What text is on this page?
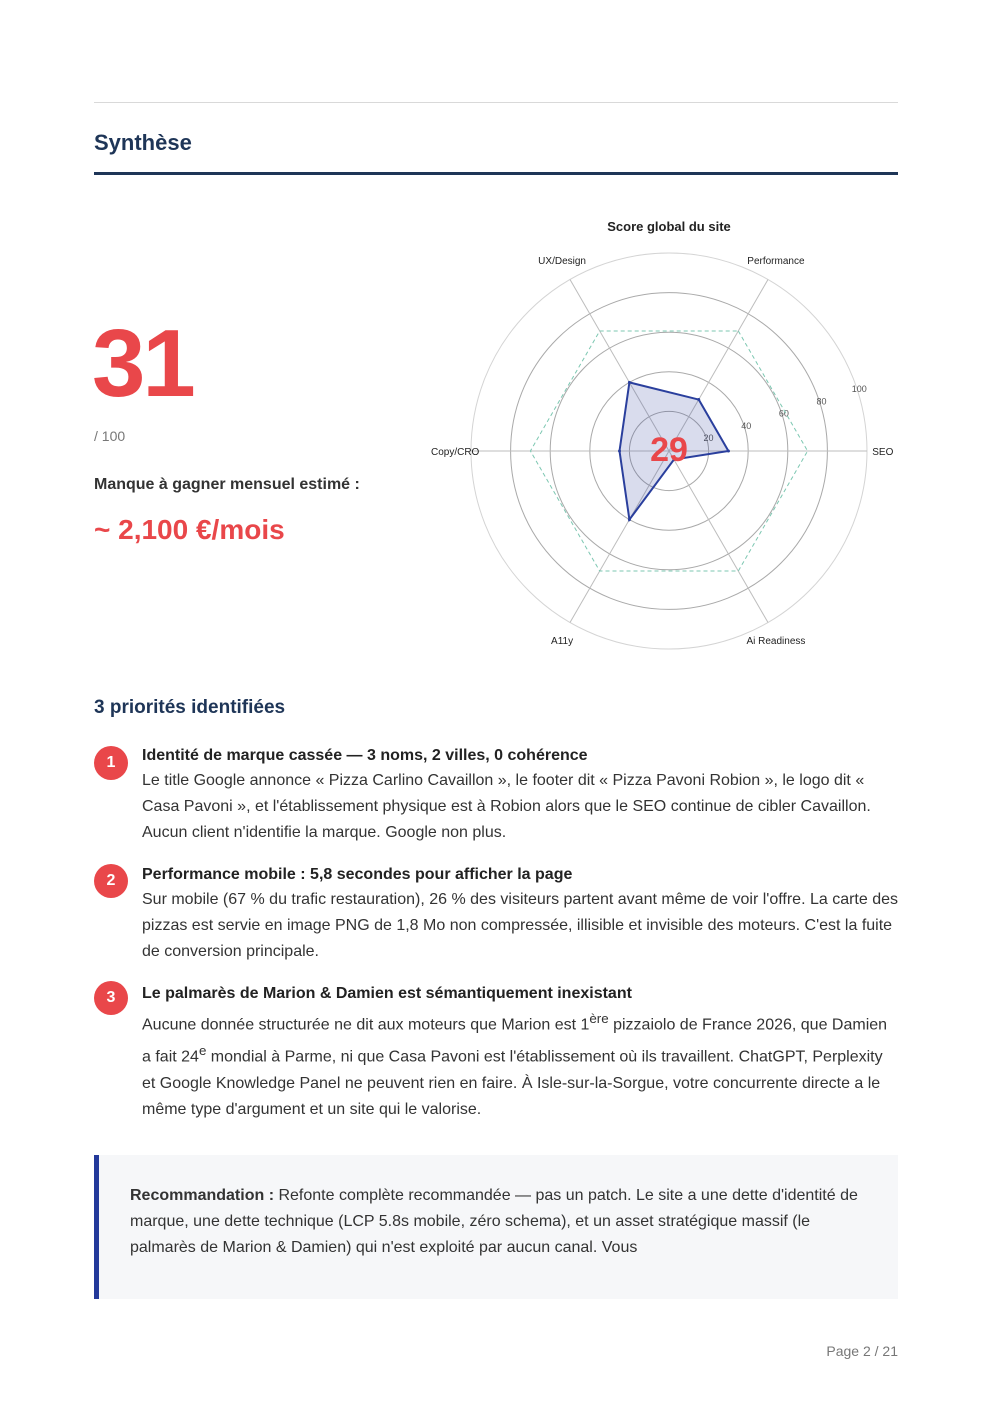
Synthèse
31
/ 100
Manque à gagner mensuel estimé :
~ 2,100 €/mois
Score global du site
40
60
80
100
Performance
SEO
Ai Readiness
A11y
Copy/CRO
UX/Design
29
3 priorités identifiées
1	Identité de marque cassée — 3 noms, 2 villes, 0 cohérence
Le title Google annonce « Pizza Carlino Cavaillon », le footer dit « Pizza Pavoni Robion », le logo dit « Casa Pavoni », et l'établissement physique est à Robion alors que le SEO continue de cibler Cavaillon. Aucun client n'identifie la marque. Google non plus.
2	Performance mobile : 5,8 secondes pour afficher la page
Sur mobile (67 % du trafic restauration), 26 % des visiteurs partent avant même de voir l'offre. La carte des pizzas est servie en image PNG de 1,8 Mo non compressée, illisible et invisible des moteurs. C'est la fuite de conversion principale.
3	Le palmarès de Marion & Damien est sémantiquement inexistant
Aucune donnée structurée ne dit aux moteurs que Marion est 1ère pizzaiolo de France 2026, que Damien a fait 24e mondial à Parme, ni que Casa Pavoni est l'établissement où ils travaillent. ChatGPT, Perplexity et Google Knowledge Panel ne peuvent rien en faire. À Isle-sur-la-Sorgue, votre concurrente directe a le même type d'argument et un site qui le valorise.
Recommandation : Refonte complète recommandée — pas un patch. Le site a une dette d'identité de marque, une dette technique (LCP 5.8s mobile, zéro schema), et un asset stratégique massif (le palmarès de Marion & Damien) qui n'est exploité par aucun canal. Vous
Page 2 / 21
